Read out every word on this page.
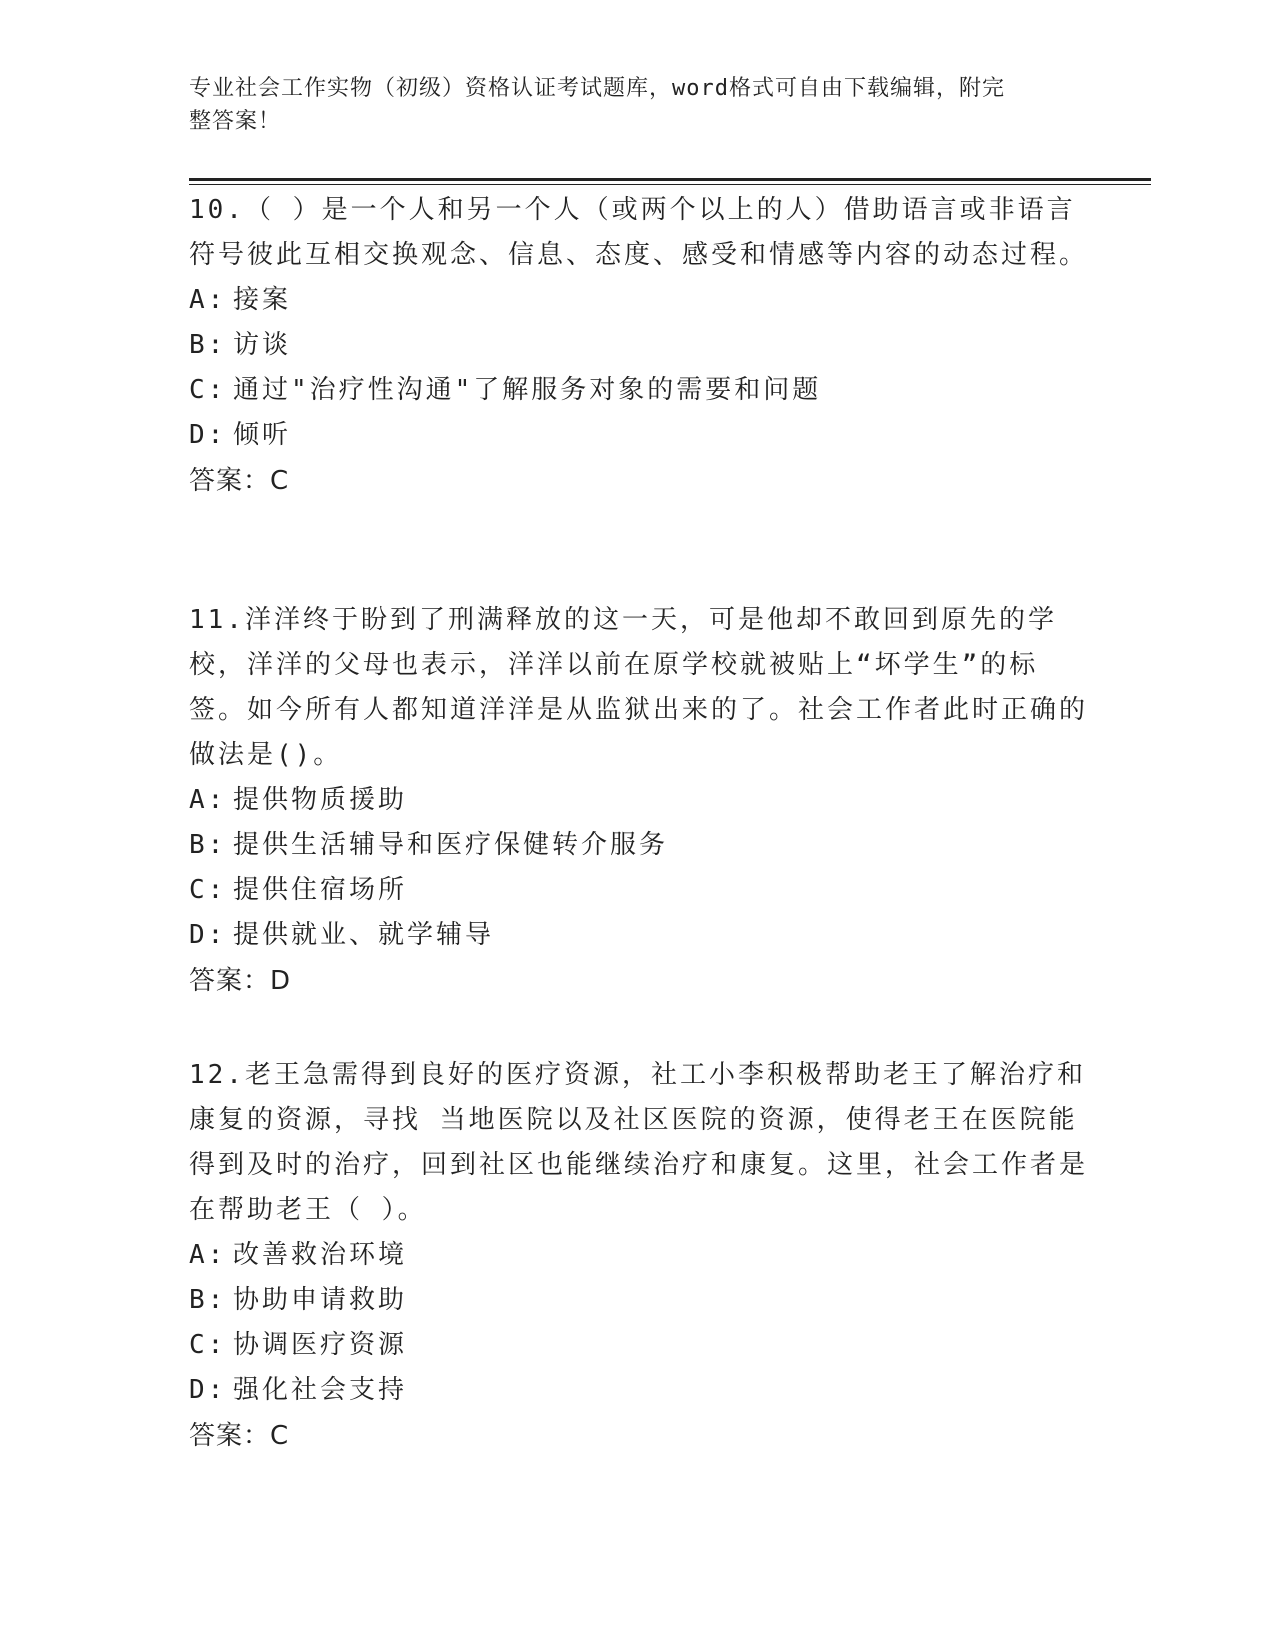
专业社会工作实物（初级）资格认证考试题库，word格式可自由下载编辑，附完
整答案！

10.（ ）是一个人和另一个人（或两个以上的人）借助语言或非语言符号彼此互相交换观念、信息、态度、感受和情感等内容的动态过程。

A: 接案

B: 访谈

C: 通过"治疗性沟通"了解服务对象的需要和问题

D: 倾听

答案：C

11.洋洋终于盼到了刑满释放的这一天，可是他却不敢回到原先的学校，洋洋的父母也表示，洋洋以前在原学校就被贴上“坏学生”的标签。如今所有人都知道洋洋是从监狱出来的了。社会工作者此时正确的做法是()。

A: 提供物质援助

B: 提供生活辅导和医疗保健转介服务

C: 提供住宿场所

D: 提供就业、就学辅导

答案：D

12.老王急需得到良好的医疗资源，社工小李积极帮助老王了解治疗和康复的资源，寻找 当地医院以及社区医院的资源，使得老王在医院能得到及时的治疗，回到社区也能继续治疗和康复。这里，社会工作者是在帮助老王（ ）。

A: 改善救治环境

B: 协助申请救助

C: 协调医疗资源

D: 强化社会支持

答案：C
